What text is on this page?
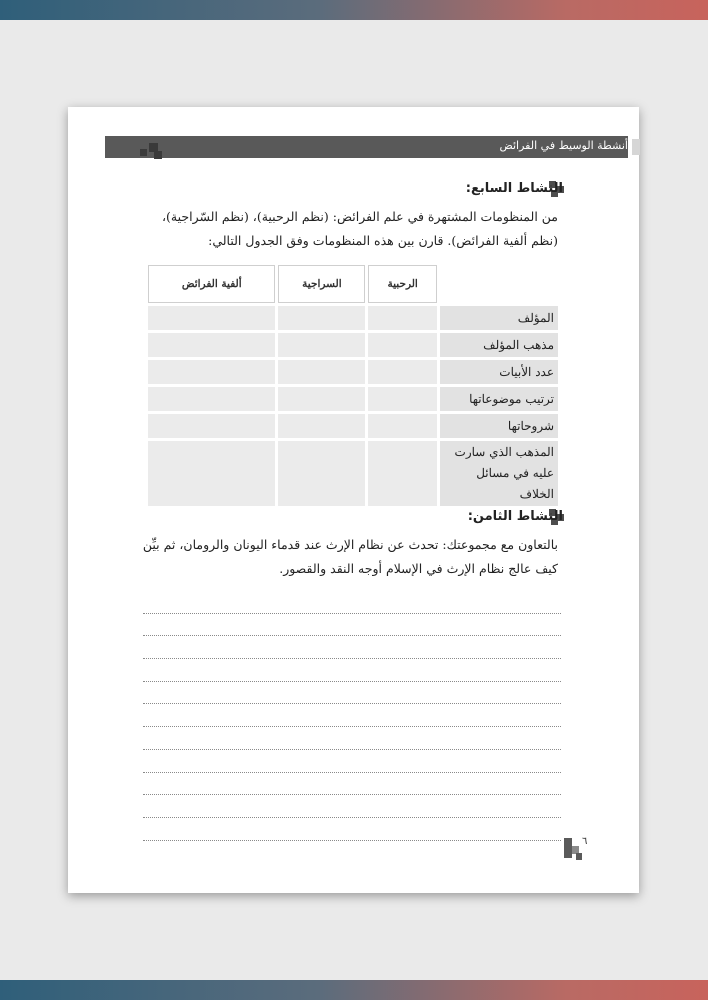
أنشطة الوسيط في الفرائض
النشاط السابع:
من المنظومات المشتهرة في علم الفرائض: (نظم الرحبية)، (نظم السّراجية)، (نظم ألفية الفرائض). قارن بين هذه المنظومات وفق الجدول التالي:
	الرحبية	السراجية	ألفية الفرائض
المؤلف			
مذهب المؤلف			
عدد الأبيات			
ترتيب موضوعاتها			
شروحاتها			
المذهب الذي سارت عليه في مسائل الخلاف			
النشاط الثامن:
بالتعاون مع مجموعتك: تحدث عن نظام الإرث عند قدماء اليونان والرومان، ثم بيِّن كيف عالج نظام الإرث في الإسلام أوجه النقد والقصور.
٦
